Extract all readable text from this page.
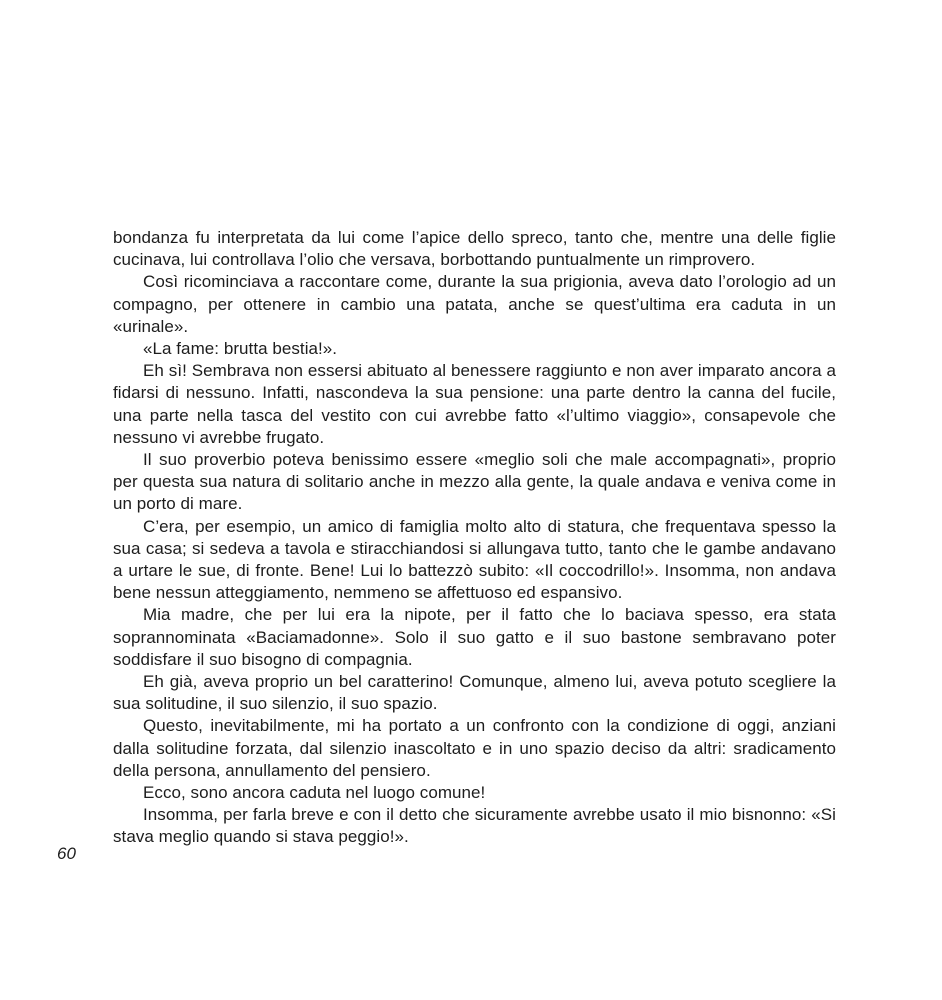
bondanza fu interpretata da lui come l’apice dello spreco, tanto che, mentre una delle figlie cucinava, lui controllava l’olio che versava, borbottando puntualmente un rimprovero.

Così ricominciava a raccontare come, durante la sua prigionia, aveva dato l’orologio ad un compagno, per ottenere in cambio una patata, anche se quest’ultima era caduta in un «urinale».

«La fame: brutta bestia!».

Eh sì! Sembrava non essersi abituato al benessere raggiunto e non aver imparato ancora a fidarsi di nessuno. Infatti, nascondeva la sua pensione: una parte dentro la canna del fucile, una parte nella tasca del vestito con cui avrebbe fatto «l’ultimo viaggio», consapevole che nessuno vi avrebbe frugato.

Il suo proverbio poteva benissimo essere «meglio soli che male accompagnati», proprio per questa sua natura di solitario anche in mezzo alla gente, la quale andava e veniva come in un porto di mare.

C’era, per esempio, un amico di famiglia molto alto di statura, che frequentava spesso la sua casa; si sedeva a tavola e stiracchiandosi si allungava tutto, tanto che le gambe andavano a urtare le sue, di fronte. Bene! Lui lo battezzò subito: «Il coccodrillo!». Insomma, non andava bene nessun atteggiamento, nemmeno se affettuoso ed espansivo.

Mia madre, che per lui era la nipote, per il fatto che lo baciava spesso, era stata soprannominata «Baciamadonne». Solo il suo gatto e il suo bastone sembravano poter soddisfare il suo bisogno di compagnia.

Eh già, aveva proprio un bel caratterino! Comunque, almeno lui, aveva potuto scegliere la sua solitudine, il suo silenzio, il suo spazio.

Questo, inevitabilmente, mi ha portato a un confronto con la condizione di oggi, anziani dalla solitudine forzata, dal silenzio inascoltato e in uno spazio deciso da altri: sradicamento della persona, annullamento del pensiero.

Ecco, sono ancora caduta nel luogo comune!

Insomma, per farla breve e con il detto che sicuramente avrebbe usato il mio bisnonno: «Si stava meglio quando si stava peggio!».

60
